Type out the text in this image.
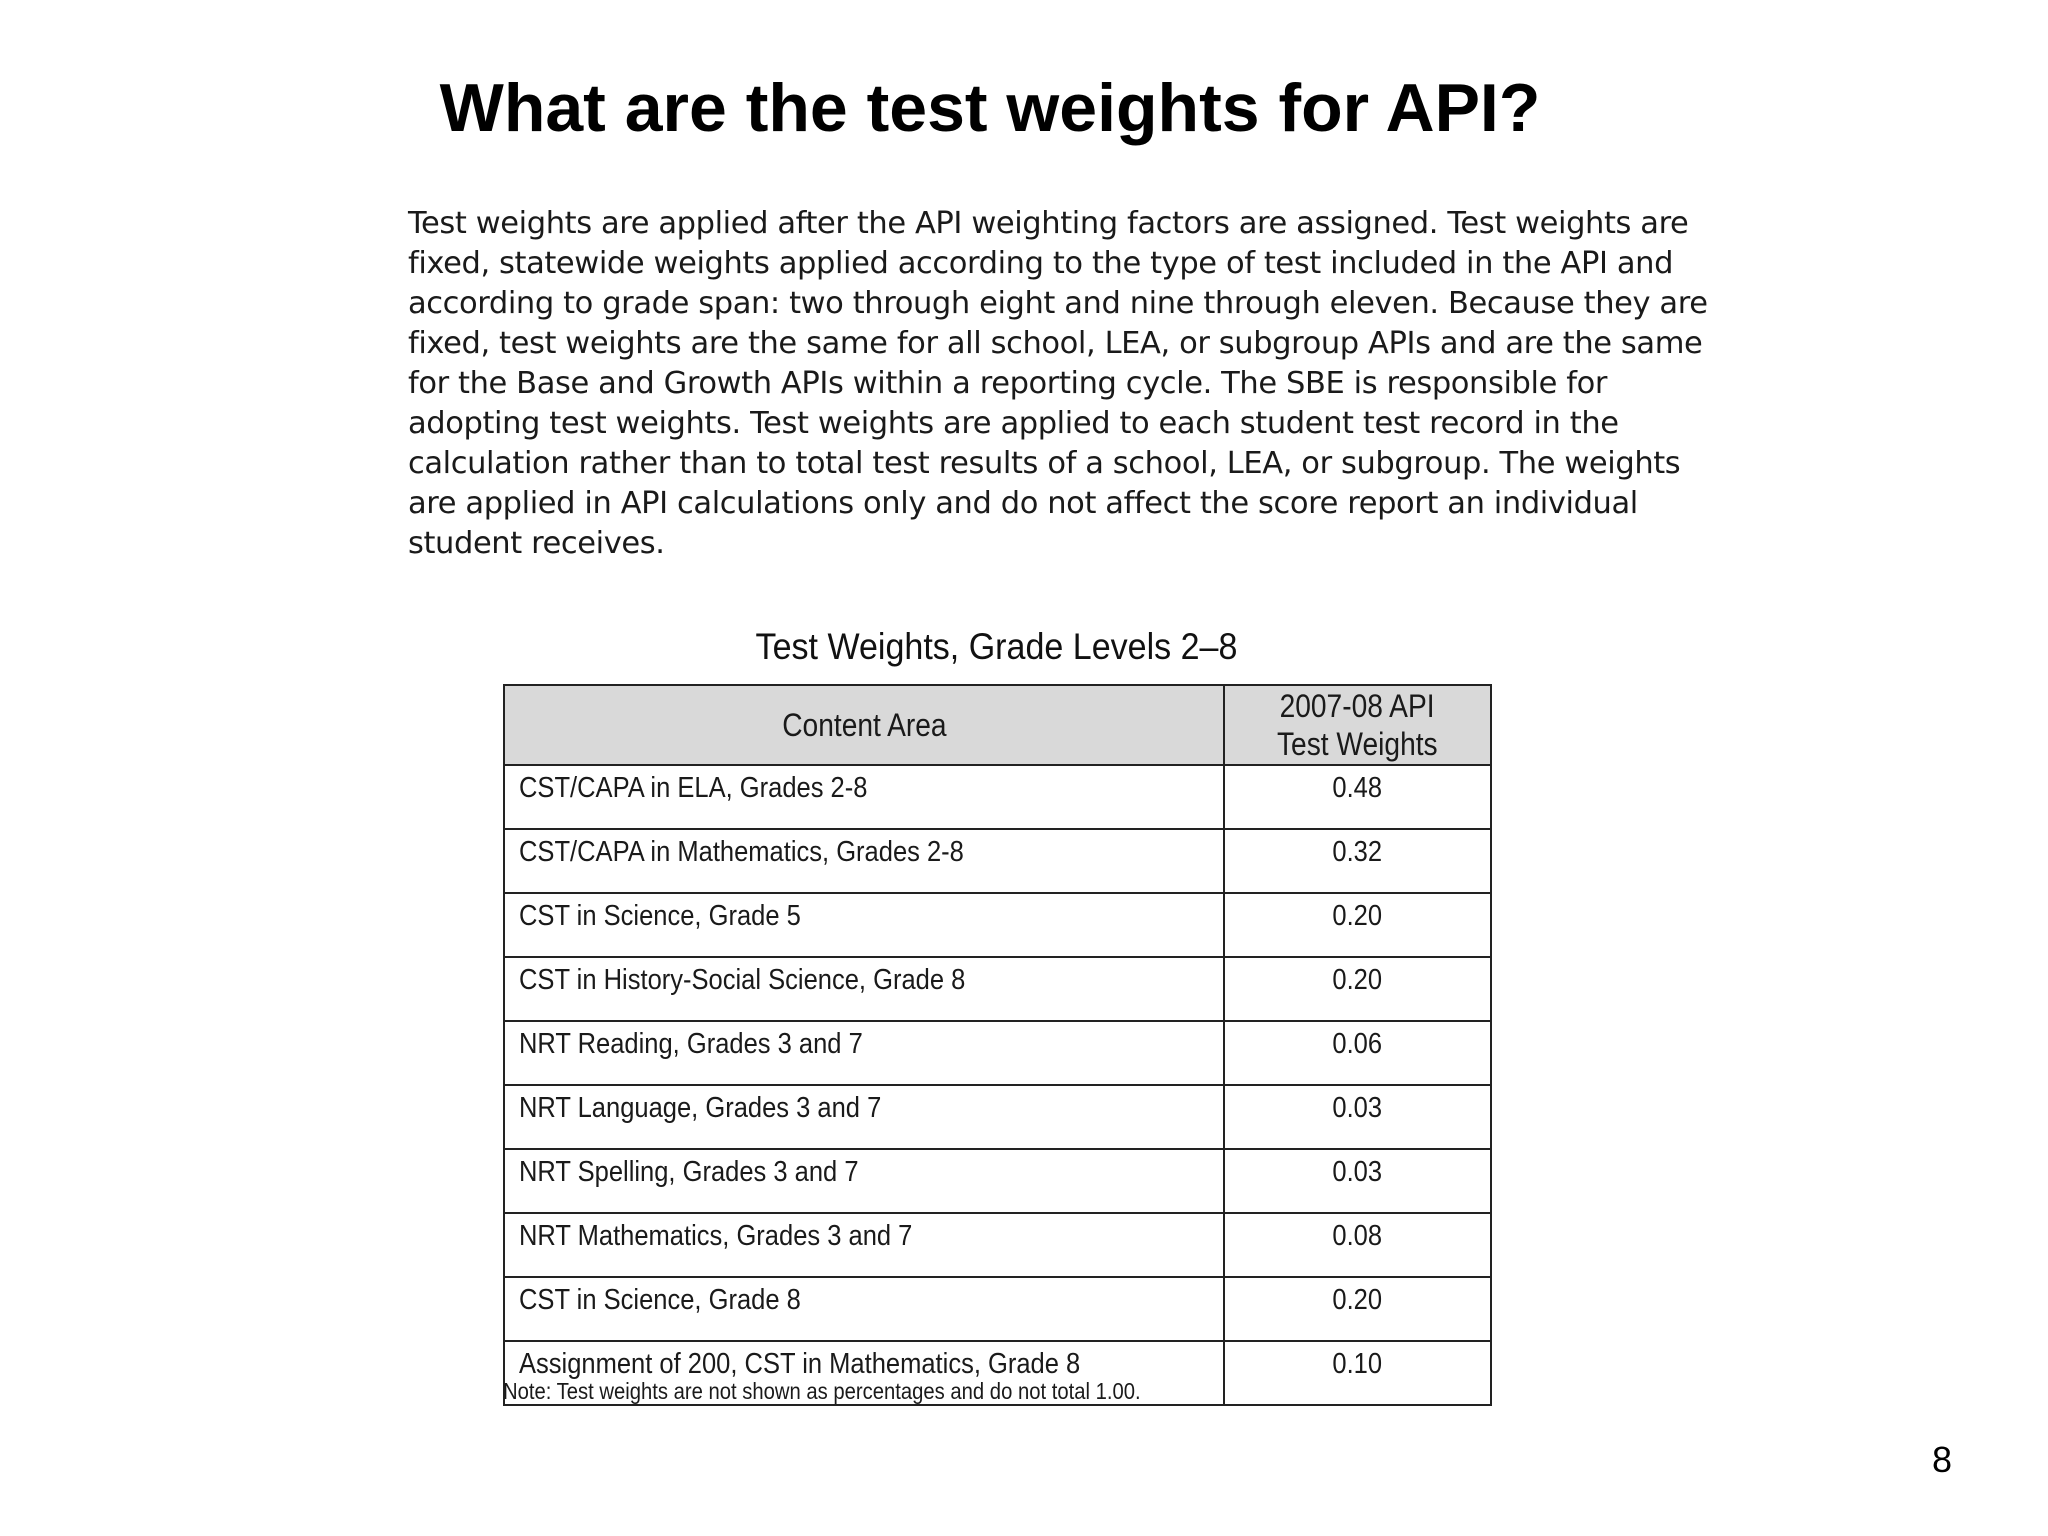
What are the test weights for API?
Test weights are applied after the API weighting factors are assigned. Test weights are
fixed, statewide weights applied according to the type of test included in the API and
according to grade span: two through eight and nine through eleven. Because they are
fixed, test weights are the same for all school, LEA, or subgroup APIs and are the same
for the Base and Growth APIs within a reporting cycle. The SBE is responsible for
adopting test weights. Test weights are applied to each student test record in the
calculation rather than to total test results of a school, LEA, or subgroup. The weights
are applied in API calculations only and do not affect the score report an individual
student receives.
Test Weights, Grade Levels 2–8
Content Area	2007-08 API
Test Weights
CST/CAPA in ELA, Grades 2-8	0.48
CST/CAPA in Mathematics, Grades 2-8	0.32
CST in Science, Grade 5	0.20
CST in History-Social Science, Grade 8	0.20
NRT Reading, Grades 3 and 7	0.06
NRT Language, Grades 3 and 7	0.03
NRT Spelling, Grades 3 and 7	0.03
NRT Mathematics, Grades 3 and 7	0.08
CST in Science, Grade 8	0.20
Assignment of 200, CST in Mathematics, Grade 8	0.10
Note: Test weights are not shown as percentages and do not total 1.00.
8
